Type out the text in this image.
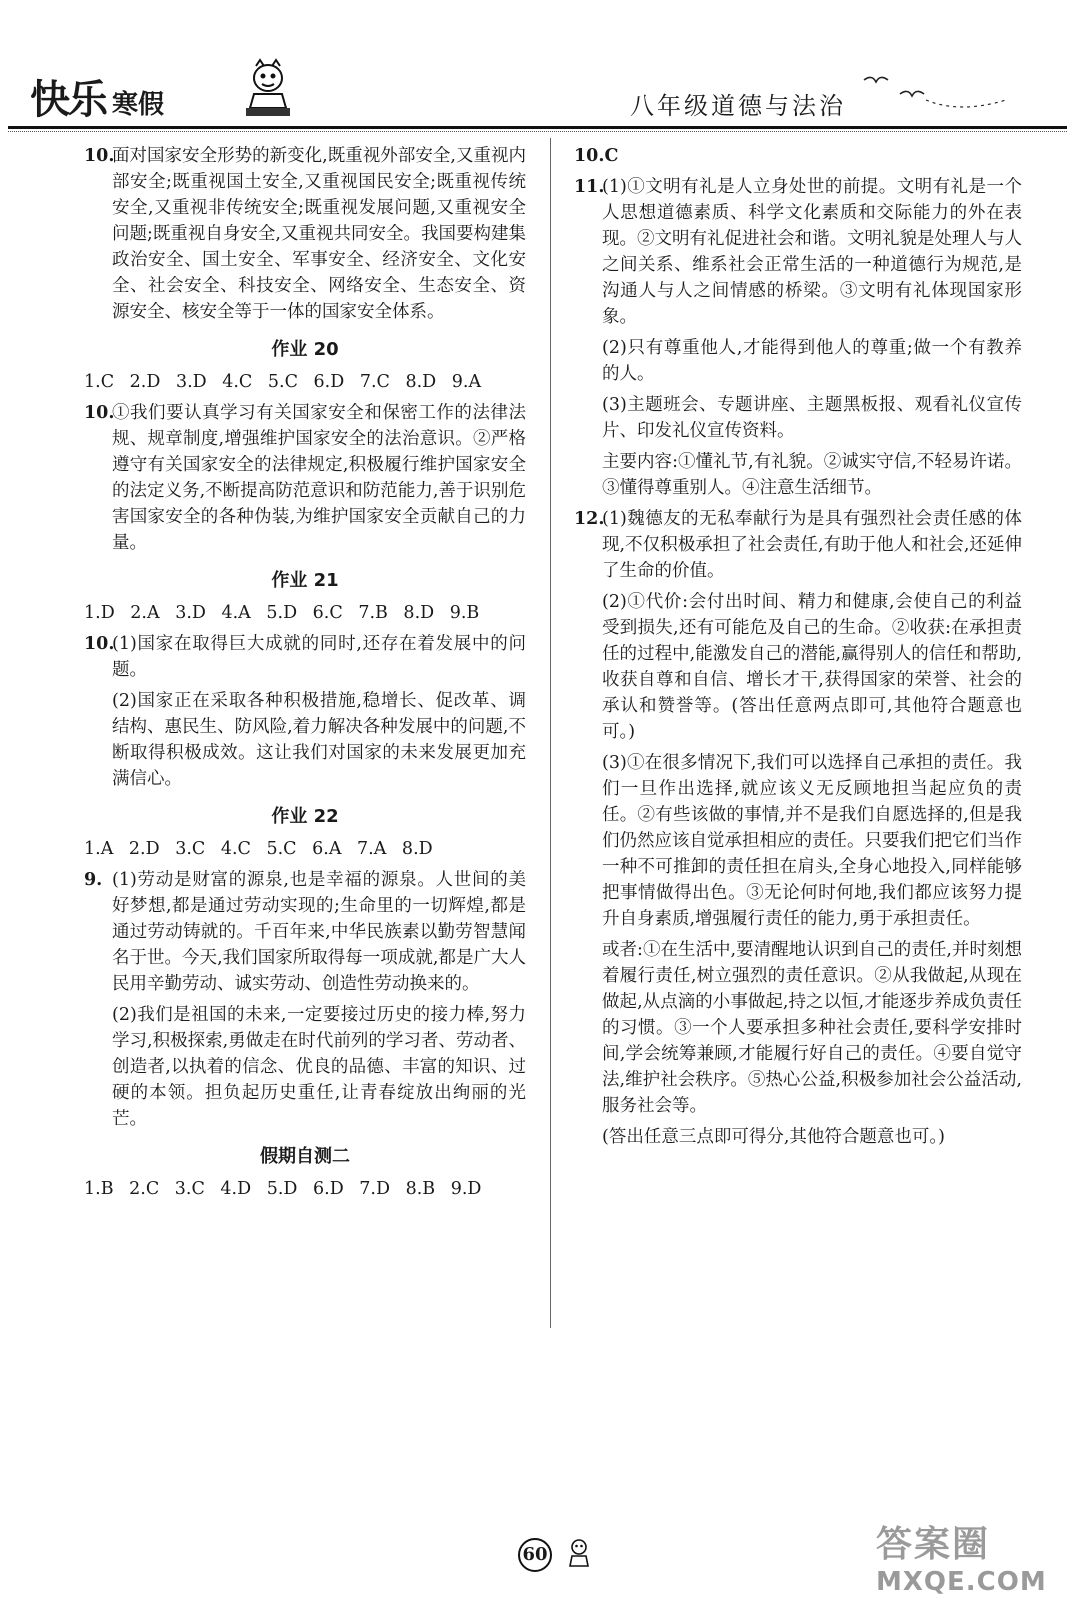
快乐 寒假	八年级道德与法治
10.
面对国家安全形势的新变化,既重视外部安全,又重视内部安全;既重视国土安全,又重视国民安全;既重视传统安全,又重视非传统安全;既重视发展问题,又重视安全问题;既重视自身安全,又重视共同安全。我国要构建集政治安全、国土安全、军事安全、经济安全、文化安全、社会安全、科技安全、网络安全、生态安全、资源安全、核安全等于一体的国家安全体系。
作业 20
1.C 2.D 3.D 4.C 5.C 6.D 7.C 8.D 9.A
10.
①我们要认真学习有关国家安全和保密工作的法律法规、规章制度,增强维护国家安全的法治意识。②严格遵守有关国家安全的法律规定,积极履行维护国家安全的法定义务,不断提高防范意识和防范能力,善于识别危害国家安全的各种伪装,为维护国家安全贡献自己的力量。
作业 21
1.D 2.A 3.D 4.A 5.D 6.C 7.B 8.D 9.B
10.
(1)国家在取得巨大成就的同时,还存在着发展中的问题。
(2)国家正在采取各种积极措施,稳增长、促改革、调结构、惠民生、防风险,着力解决各种发展中的问题,不断取得积极成效。这让我们对国家的未来发展更加充满信心。
作业 22
1.A 2.D 3.C 4.C 5.C 6.A 7.A 8.D
9. (1)劳动是财富的源泉,也是幸福的源泉。人世间的美好梦想,都是通过劳动实现的;生命里的一切辉煌,都是通过劳动铸就的。千百年来,中华民族素以勤劳智慧闻名于世。今天,我们国家所取得每一项成就,都是广大人民用辛勤劳动、诚实劳动、创造性劳动换来的。
(2)我们是祖国的未来,一定要接过历史的接力棒,努力学习,积极探索,勇做走在时代前列的学习者、劳动者、创造者,以执着的信念、优良的品德、丰富的知识、过硬的本领。担负起历史重任,让青春绽放出绚丽的光芒。
假期自测二
1.B 2.C 3.C 4.D 5.D 6.D 7.D 8.B 9.D
10.C
11.
(1)①文明有礼是人立身处世的前提。文明有礼是一个人思想道德素质、科学文化素质和交际能力的外在表现。②文明有礼促进社会和谐。文明礼貌是处理人与人之间关系、维系社会正常生活的一种道德行为规范,是沟通人与人之间情感的桥梁。③文明有礼体现国家形象。
(2)只有尊重他人,才能得到他人的尊重;做一个有教养的人。
(3)主题班会、专题讲座、主题黑板报、观看礼仪宣传片、印发礼仪宣传资料。
主要内容:①懂礼节,有礼貌。②诚实守信,不轻易许诺。③懂得尊重别人。④注意生活细节。
12.
(1)魏德友的无私奉献行为是具有强烈社会责任感的体现,不仅积极承担了社会责任,有助于他人和社会,还延伸了生命的价值。
(2)①代价:会付出时间、精力和健康,会使自己的利益受到损失,还有可能危及自己的生命。②收获:在承担责任的过程中,能激发自己的潜能,赢得别人的信任和帮助,收获自尊和自信、增长才干,获得国家的荣誉、社会的承认和赞誉等。(答出任意两点即可,其他符合题意也可。)
(3)①在很多情况下,我们可以选择自己承担的责任。我们一旦作出选择,就应该义无反顾地担当起应负的责任。②有些该做的事情,并不是我们自愿选择的,但是我们仍然应该自觉承担相应的责任。只要我们把它们当作一种不可推卸的责任担在肩头,全身心地投入,同样能够把事情做得出色。③无论何时何地,我们都应该努力提升自身素质,增强履行责任的能力,勇于承担责任。
或者:①在生活中,要清醒地认识到自己的责任,并时刻想着履行责任,树立强烈的责任意识。②从我做起,从现在做起,从点滴的小事做起,持之以恒,才能逐步养成负责任的习惯。③一个人要承担多种社会责任,要科学安排时间,学会统筹兼顾,才能履行好自己的责任。④要自觉守法,维护社会秩序。⑤热心公益,积极参加社会公益活动,服务社会等。
(答出任意三点即可得分,其他符合题意也可。)
60	答案圈
MXQE.COM
